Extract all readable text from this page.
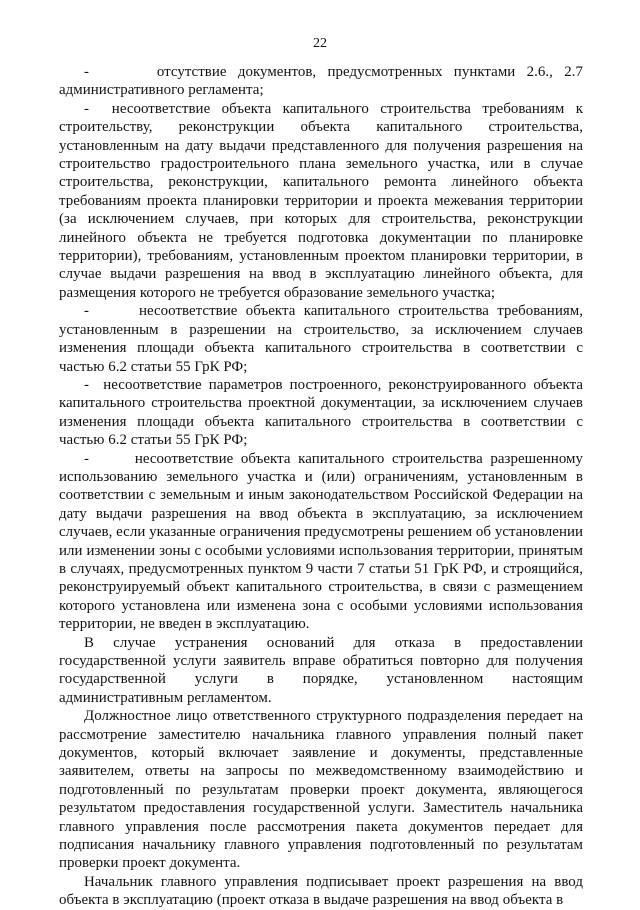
22

-      отсутствие документов, предусмотренных пунктами 2.6., 2.7 административного регламента;

-  несоответствие объекта капитального строительства требованиям к строительству, реконструкции объекта капитального строительства, установленным на дату выдачи представленного для получения разрешения на строительство градостроительного плана земельного участка, или в случае строительства, реконструкции, капитального ремонта линейного объекта требованиям проекта планировки территории и проекта межевания территории (за исключением случаев, при которых для строительства, реконструкции линейного объекта не требуется подготовка документации по планировке территории), требованиям, установленным проектом планировки территории, в случае выдачи разрешения на ввод в эксплуатацию линейного объекта, для размещения которого не требуется образование земельного участка;

-      несоответствие объекта капитального строительства требованиям, установленным в разрешении на строительство, за исключением случаев изменения площади объекта капитального строительства в соответствии с частью 6.2 статьи 55 ГрК РФ;

-  несоответствие параметров построенного, реконструированного объекта капитального строительства проектной документации, за исключением случаев изменения площади объекта капитального строительства в соответствии с частью 6.2 статьи 55 ГрК РФ;

-      несоответствие объекта капитального строительства разрешенному использованию земельного участка и (или) ограничениям, установленным в соответствии с земельным и иным законодательством Российской Федерации на дату выдачи разрешения на ввод объекта в эксплуатацию, за исключением случаев, если указанные ограничения предусмотрены решением об установлении или изменении зоны с особыми условиями использования территории, принятым в случаях, предусмотренных пунктом 9 части 7 статьи 51 ГрК РФ, и строящийся, реконструируемый объект капитального строительства, в связи с размещением которого установлена или изменена зона с особыми условиями использования территории, не введен в эксплуатацию.

В случае устранения оснований для отказа в предоставлении государственной услуги заявитель вправе обратиться повторно для получения государственной услуги в порядке, установленном настоящим административным регламентом.

Должностное лицо ответственного структурного подразделения передает на рассмотрение заместителю начальника главного управления полный пакет документов, который включает заявление и документы, представленные заявителем, ответы на запросы по межведомственному взаимодействию и подготовленный по результатам проверки проект документа, являющегося результатом предоставления государственной услуги. Заместитель начальника главного управления после рассмотрения пакета документов передает для подписания начальнику главного управления подготовленный по результатам проверки проект документа.

Начальник главного управления подписывает проект разрешения на ввод объекта в эксплуатацию (проект отказа в выдаче разрешения на ввод объекта в
